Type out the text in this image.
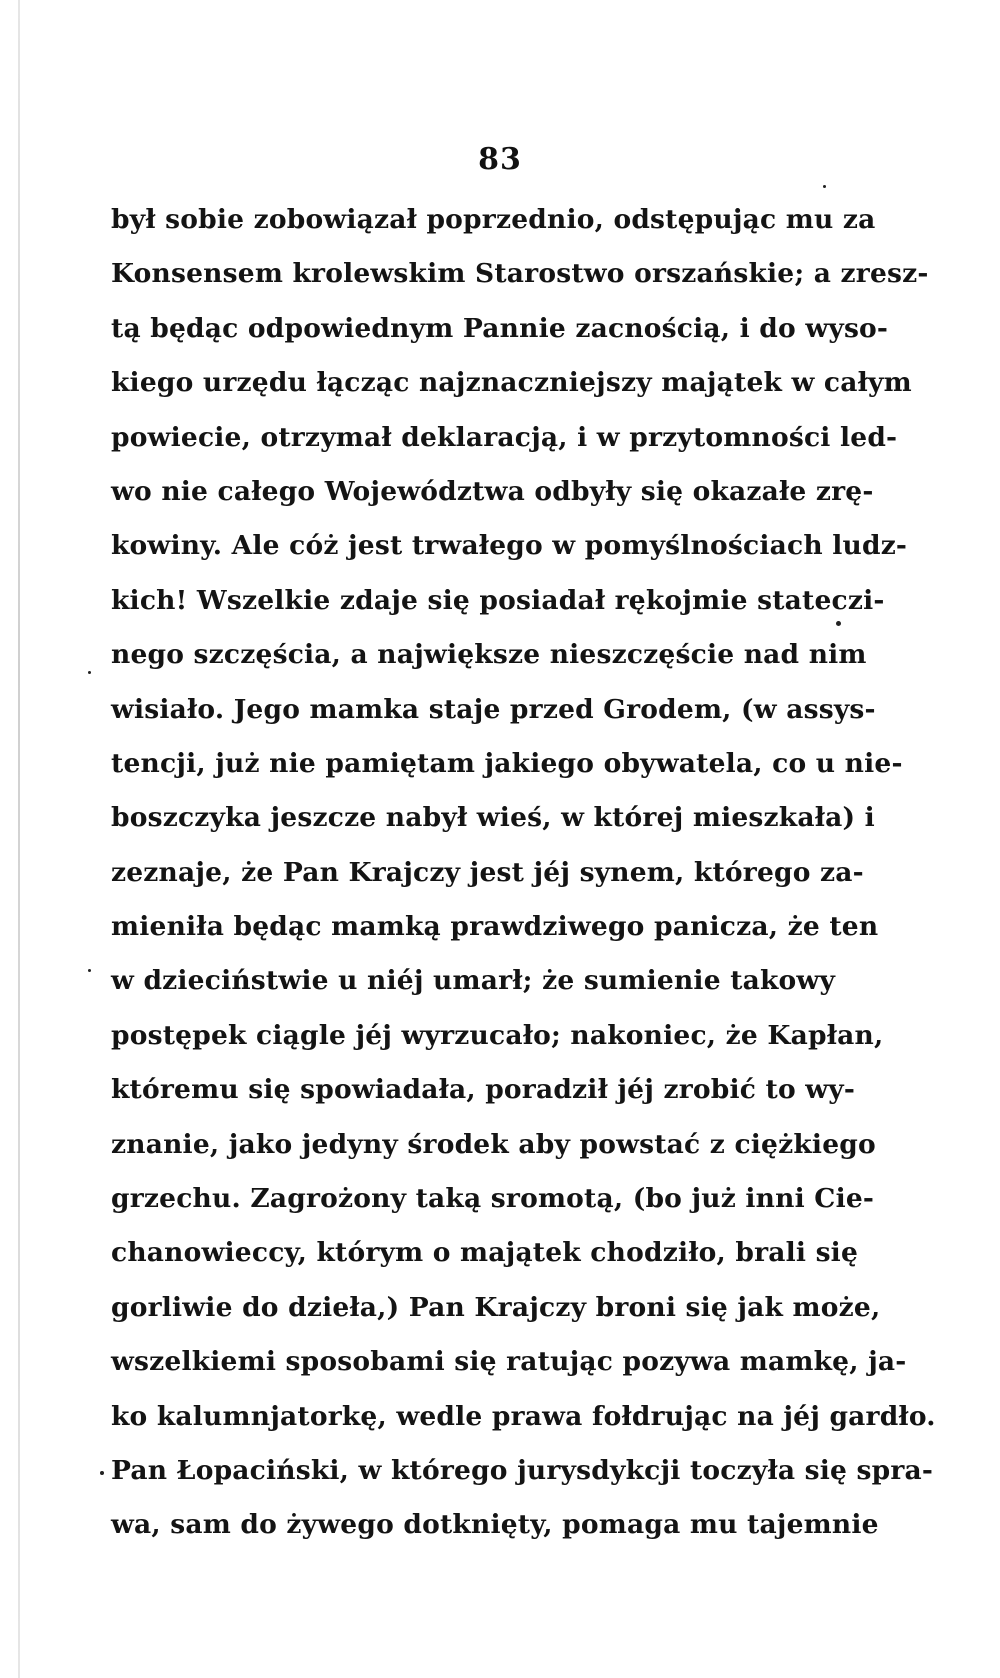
83
był sobie zobowiązał poprzednio, odstępując mu za
Konsensem krolewskim Starostwo orszańskie; a zresz-
tą będąc odpowiednym Pannie zacnością, i do wyso-
kiego urzędu łącząc najznaczniejszy majątek w całym
powiecie, otrzymał deklaracją, i w przytomności led-
wo nie całego Województwa odbyły się okazałe zrę-
kowiny. Ale cóż jest trwałego w pomyślnościach ludz-
kich! Wszelkie zdaje się posiadał rękojmie stateczi-
nego szczęścia, a największe nieszczęście nad nim
wisiało. Jego mamka staje przed Grodem, (w assys-
tencji, już nie pamiętam jakiego obywatela, co u nie-
boszczyka jeszcze nabył wieś, w której mieszkała) i
zeznaje, że Pan Krajczy jest jéj synem, którego za-
mieniła będąc mamką prawdziwego panicza, że ten
w dzieciństwie u niéj umarł; że sumienie takowy
postępek ciągle jéj wyrzucało; nakoniec, że Kapłan,
któremu się spowiadała, poradził jéj zrobić to wy-
znanie, jako jedyny środek aby powstać z ciężkiego
grzechu. Zagrożony taką sromotą, (bo już inni Cie-
chanowieccy, którym o majątek chodziło, brali się
gorliwie do dzieła,) Pan Krajczy broni się jak może,
wszelkiemi sposobami się ratując pozywa mamkę, ja-
ko kalumnjatorkę, wedle prawa fołdrując na jéj gardło.
Pan Łopaciński, w którego jurysdykcji toczyła się spra-
wa, sam do żywego dotknięty, pomaga mu tajemnie
